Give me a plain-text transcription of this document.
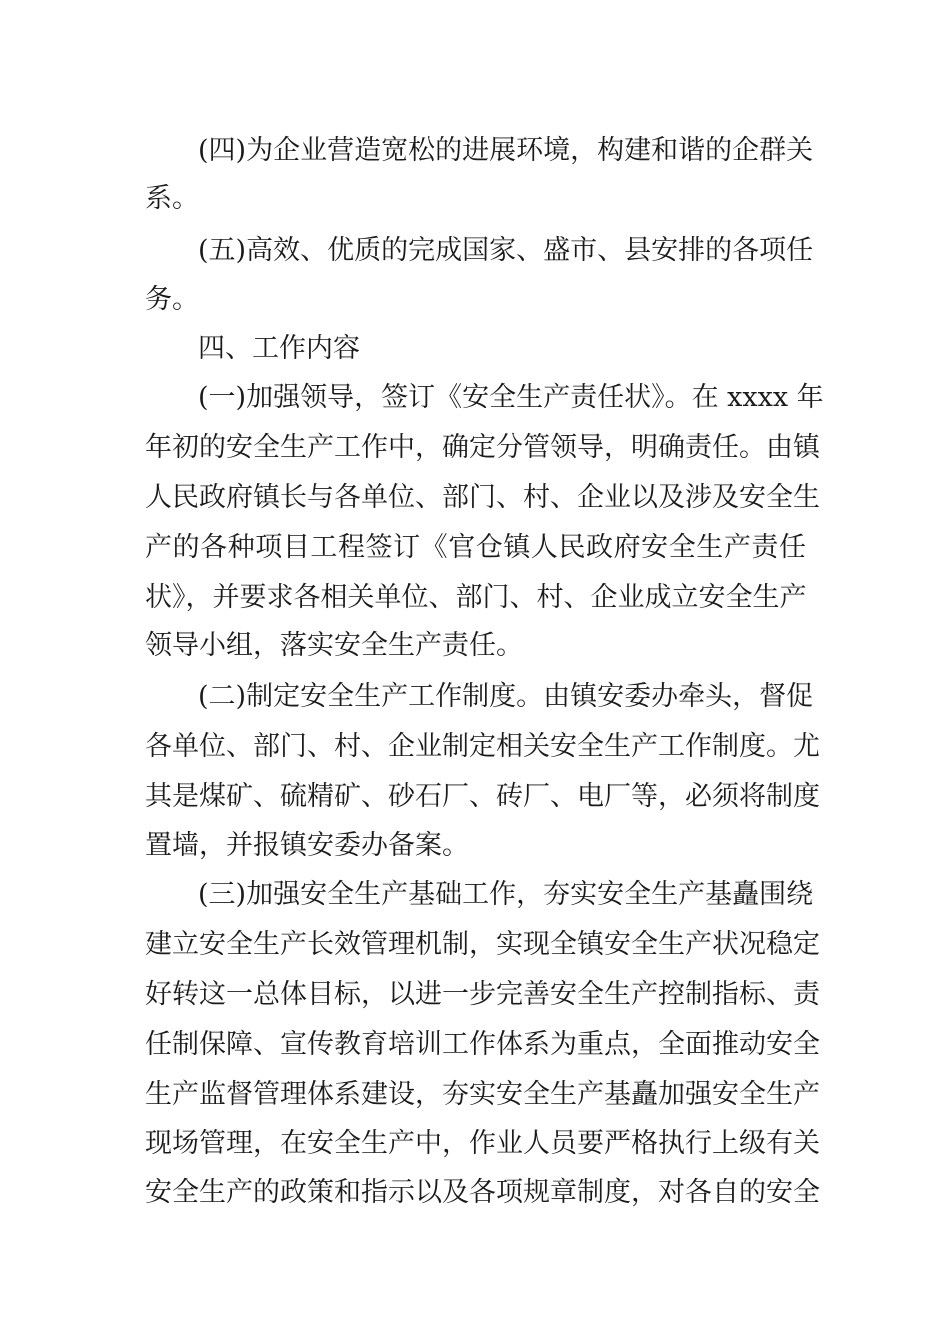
(四)为企业营造宽松的进展环境，构建和谐的企群关
系。
(五)高效、优质的完成国家、盛市、县安排的各项任
务。
四、工作内容
(一)加强领导，签订《安全生产责任状》。在 xxxx 年
年初的安全生产工作中，确定分管领导，明确责任。由镇
人民政府镇长与各单位、部门、村、企业以及涉及安全生
产的各种项目工程签订《官仓镇人民政府安全生产责任
状》，并要求各相关单位、部门、村、企业成立安全生产
领导小组，落实安全生产责任。
(二)制定安全生产工作制度。由镇安委办牵头，督促
各单位、部门、村、企业制定相关安全生产工作制度。尤
其是煤矿、硫精矿、砂石厂、砖厂、电厂等，必须将制度
置墙，并报镇安委办备案。
(三)加强安全生产基础工作，夯实安全生产基矗围绕
建立安全生产长效管理机制，实现全镇安全生产状况稳定
好转这一总体目标，以进一步完善安全生产控制指标、责
任制保障、宣传教育培训工作体系为重点，全面推动安全
生产监督管理体系建设，夯实安全生产基矗加强安全生产
现场管理，在安全生产中，作业人员要严格执行上级有关
安全生产的政策和指示以及各项规章制度，对各自的安全
